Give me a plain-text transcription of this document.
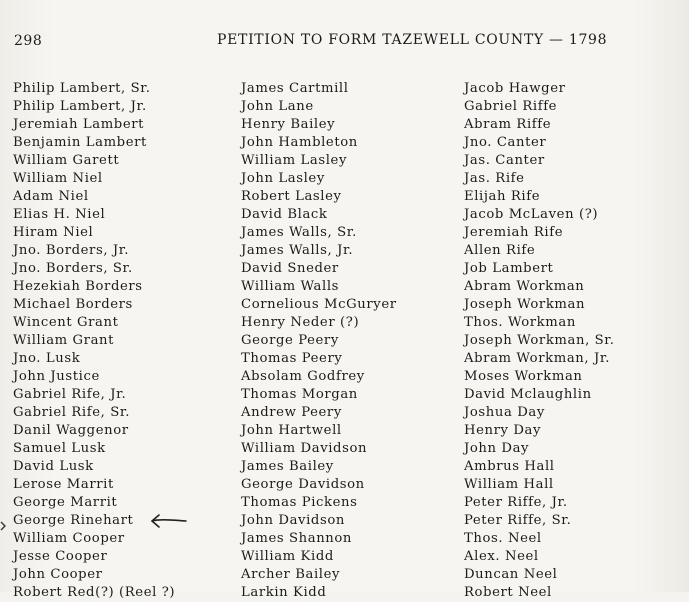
298	PETITION TO FORM TAZEWELL COUNTY — 1798
Philip Lambert, Sr.
Philip Lambert, Jr.
Jeremiah Lambert
Benjamin Lambert
William Garett
William Niel
Adam Niel
Elias H. Niel
Hiram Niel
Jno. Borders, Jr.
Jno. Borders, Sr.
Hezekiah Borders
Michael Borders
Wincent Grant
William Grant
Jno. Lusk
John Justice
Gabriel Rife, Jr.
Gabriel Rife, Sr.
Danil Waggenor
Samuel Lusk
David Lusk
Lerose Marrit
George Marrit
George Rinehart
William Cooper
Jesse Cooper
John Cooper
Robert Red(?) (Reel ?)
James Cartmill
John Lane
Henry Bailey
John Hambleton
William Lasley
John Lasley
Robert Lasley
David Black
James Walls, Sr.
James Walls, Jr.
David Sneder
William Walls
Cornelious McGuryer
Henry Neder (?)
George Peery
Thomas Peery
Absolam Godfrey
Thomas Morgan
Andrew Peery
John Hartwell
William Davidson
James Bailey
George Davidson
Thomas Pickens
John Davidson
James Shannon
William Kidd
Archer Bailey
Larkin Kidd
Jacob Hawger
Gabriel Riffe
Abram Riffe
Jno. Canter
Jas. Canter
Jas. Rife
Elijah Rife
Jacob McLaven (?)
Jeremiah Rife
Allen Rife
Job Lambert
Abram Workman
Joseph Workman
Thos. Workman
Joseph Workman, Sr.
Abram Workman, Jr.
Moses Workman
David Mclaughlin
Joshua Day
Henry Day
John Day
Ambrus Hall
William Hall
Peter Riffe, Jr.
Peter Riffe, Sr.
Thos. Neel
Alex. Neel
Duncan Neel
Robert Neel
